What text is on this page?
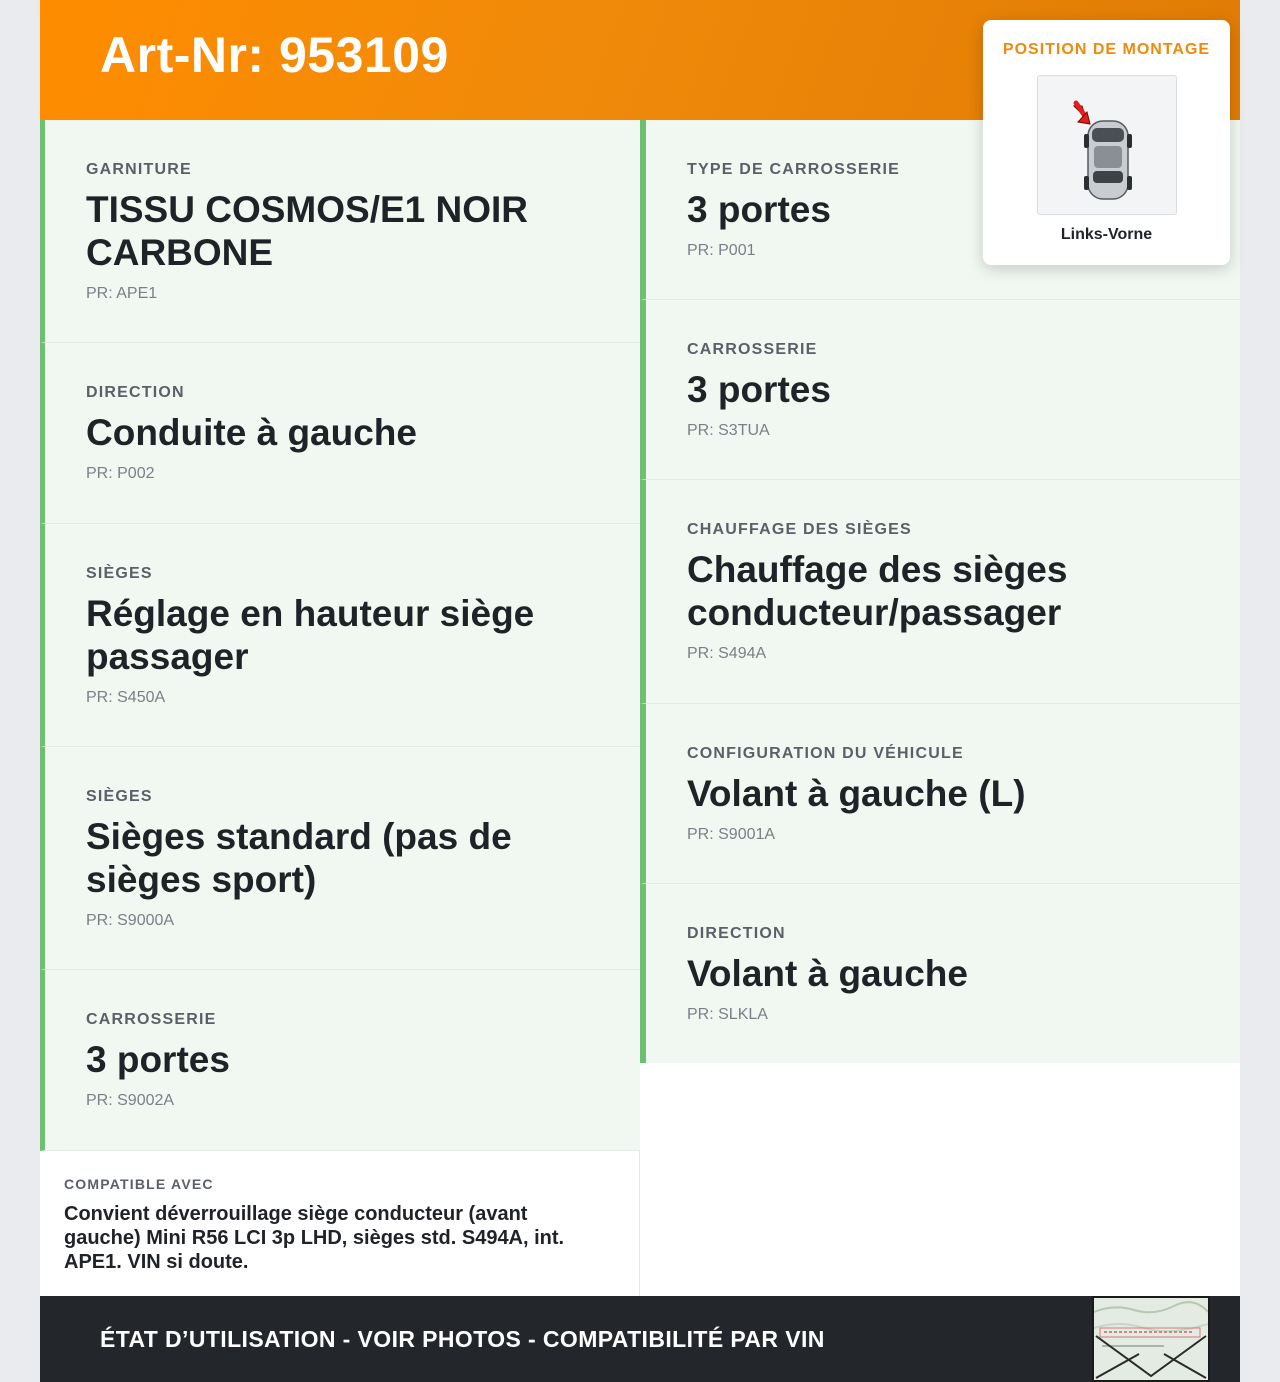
Art-Nr: 953109
GARNITURE
TISSU COSMOS/E1 NOIR CARBONE
PR: APE1
DIRECTION
Conduite à gauche
PR: P002
SIÈGES
Réglage en hauteur siège passager
PR: S450A
SIÈGES
Sièges standard (pas de sièges sport)
PR: S9000A
CARROSSERIE
3 portes
PR: S9002A
TYPE DE CARROSSERIE
3 portes
PR: P001
CARROSSERIE
3 portes
PR: S3TUA
CHAUFFAGE DES SIÈGES
Chauffage des sièges conducteur/passager
PR: S494A
CONFIGURATION DU VÉHICULE
Volant à gauche (L)
PR: S9001A
DIRECTION
Volant à gauche
PR: SLKLA
COMPATIBLE AVEC
Convient déverrouillage siège conducteur (avant gauche) Mini R56 LCI 3p LHD, sièges std. S494A, int. APE1. VIN si doute.
ÉTAT D’UTILISATION - VOIR PHOTOS - COMPATIBILITÉ PAR VIN
POSITION DE MONTAGE
Links-Vorne
